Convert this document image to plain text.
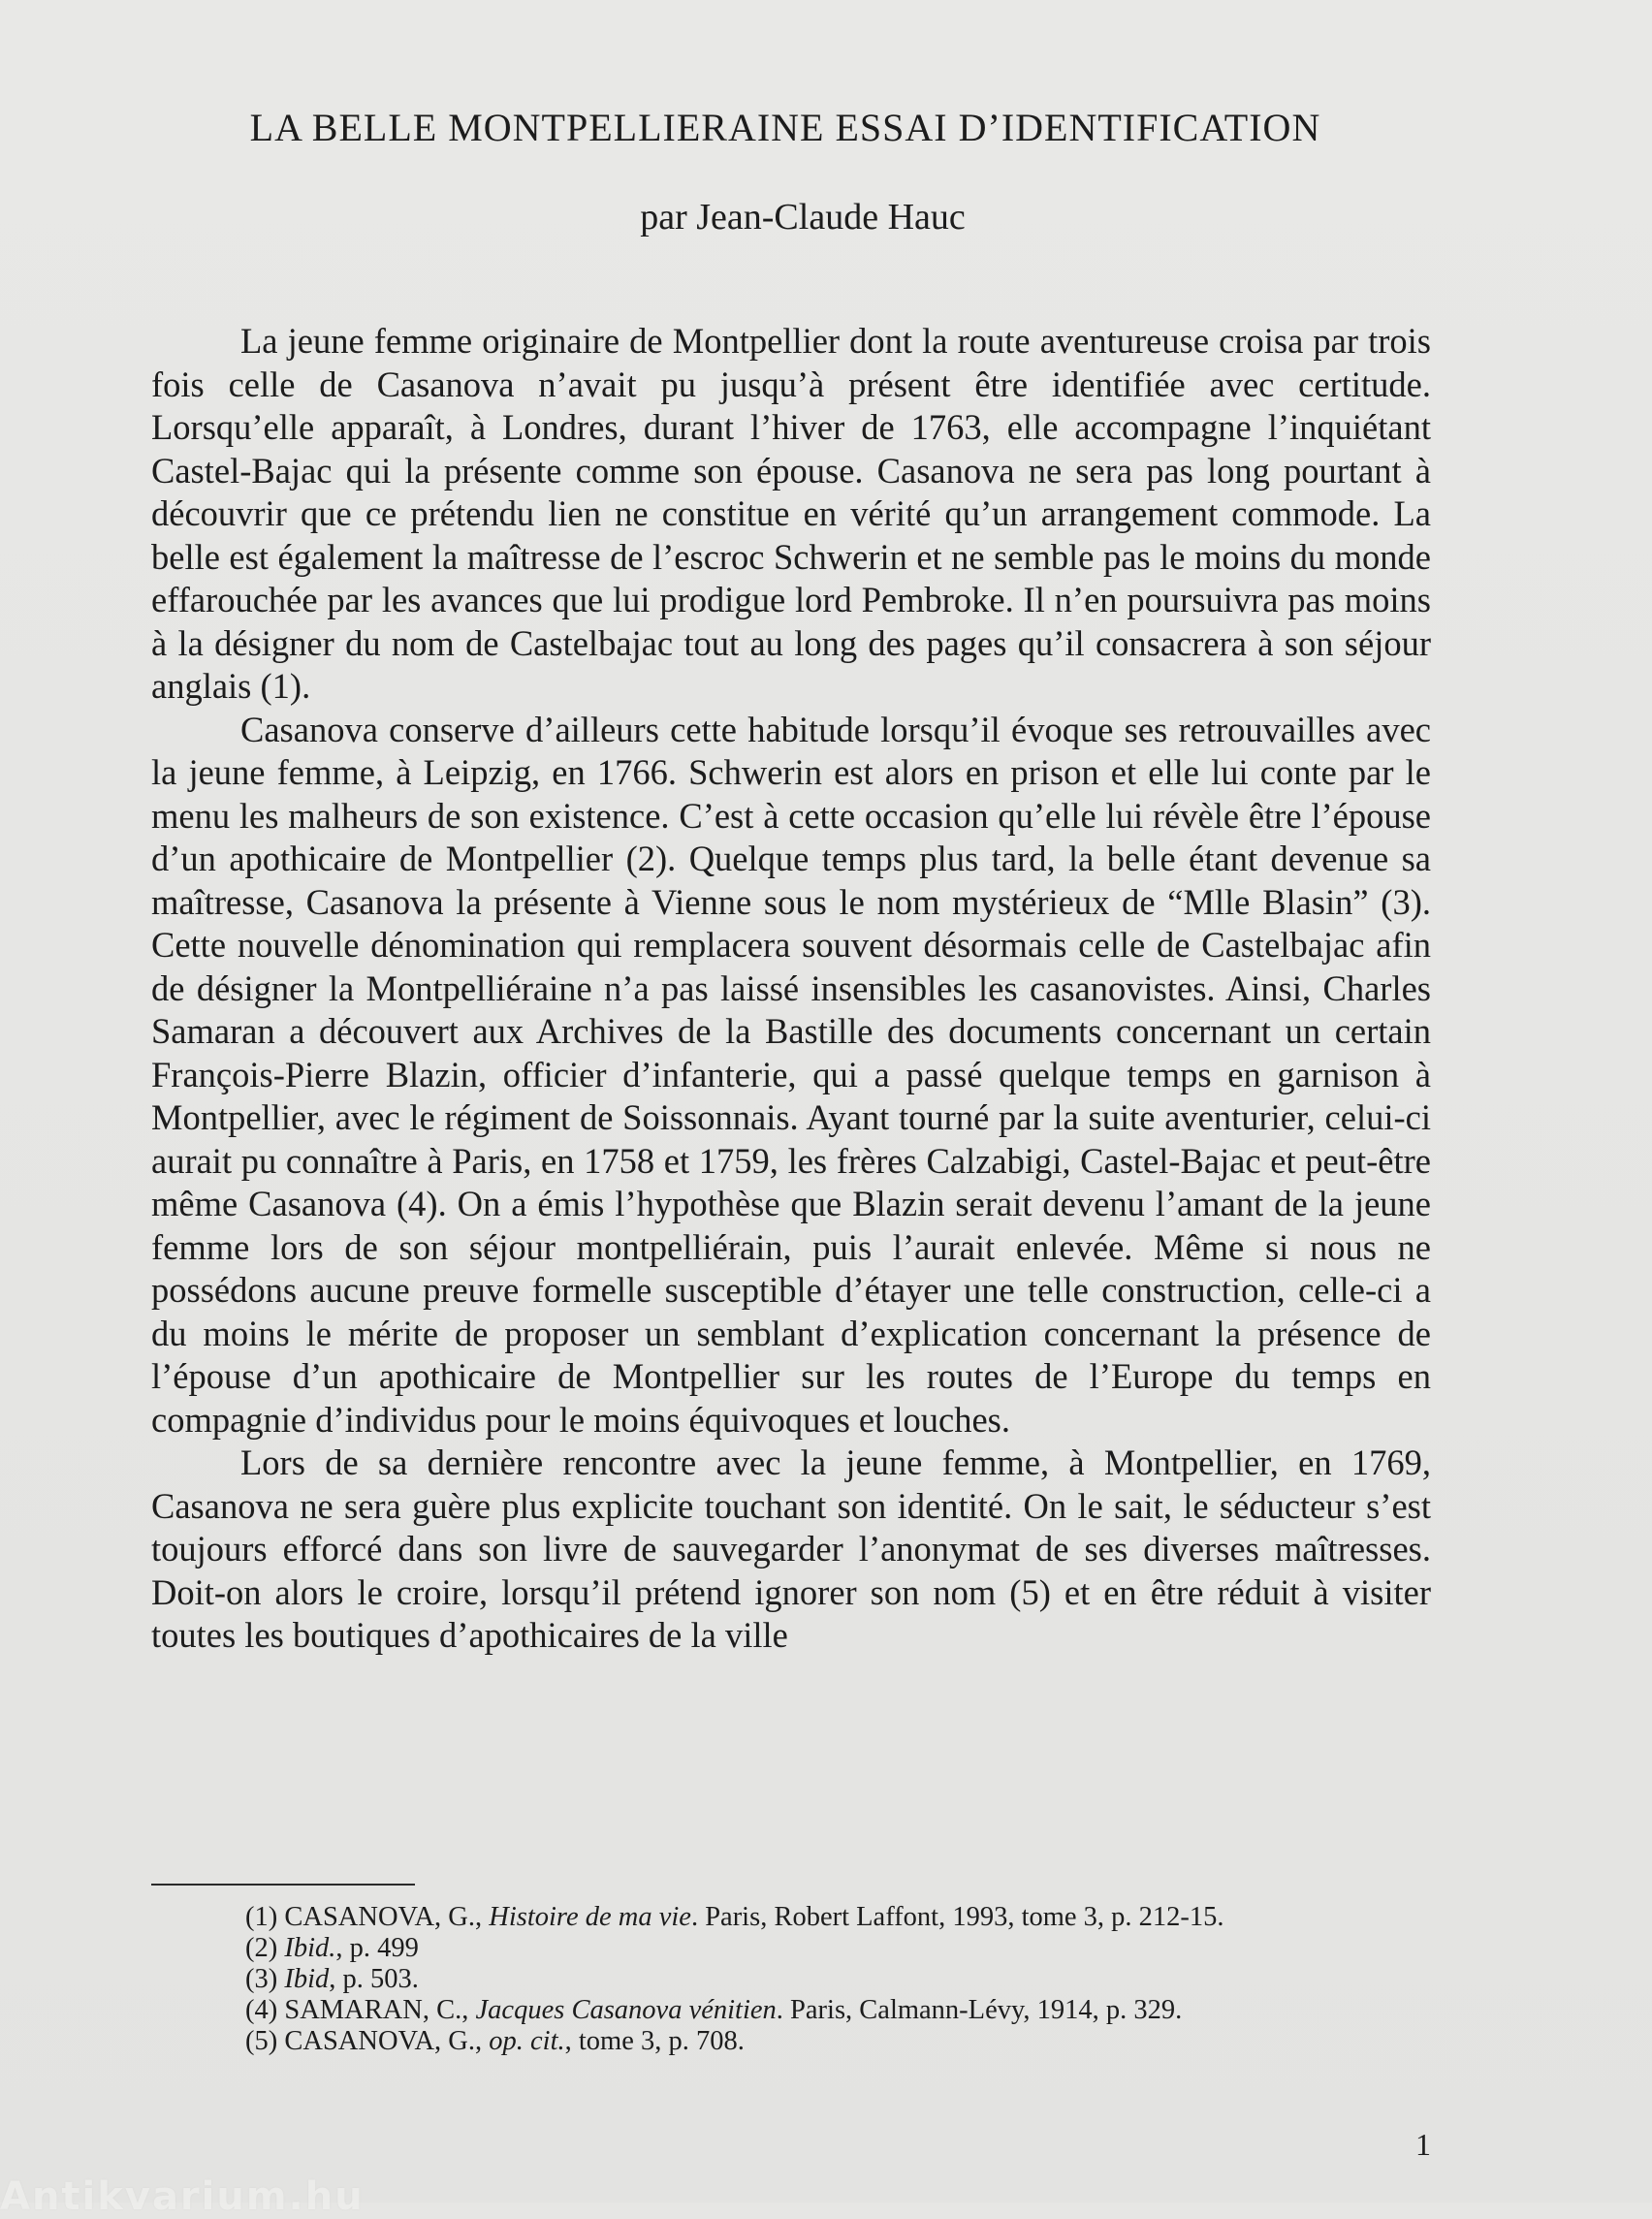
LA BELLE MONTPELLIERAINE ESSAI D’IDENTIFICATION
par Jean-Claude Hauc

La jeune femme originaire de Montpellier dont la route aventureuse croisa par trois fois celle de Casanova n’avait pu jusqu’à présent être identifiée avec certitude. Lorsqu’elle apparaît, à Londres, durant l’hiver de 1763, elle accompagne l’inquiétant Castel-Bajac qui la présente comme son épouse. Casanova ne sera pas long pourtant à découvrir que ce prétendu lien ne constitue en vérité qu’un arrangement commode. La belle est également la maîtresse de l’escroc Schwerin et ne semble pas le moins du monde effarouchée par les avances que lui prodigue lord Pembroke. Il n’en poursuivra pas moins à la désigner du nom de Castelbajac tout au long des pages qu’il consacrera à son séjour anglais (1).

Casanova conserve d’ailleurs cette habitude lorsqu’il évoque ses retrouvailles avec la jeune femme, à Leipzig, en 1766. Schwerin est alors en prison et elle lui conte par le menu les malheurs de son existence. C’est à cette occasion qu’elle lui révèle être l’épouse d’un apothicaire de Montpellier (2). Quelque temps plus tard, la belle étant devenue sa maîtresse, Casanova la présente à Vienne sous le nom mystérieux de “Mlle Blasin” (3). Cette nouvelle dénomination qui remplacera souvent désormais celle de Castelbajac afin de désigner la Montpelliéraine n’a pas laissé insensibles les casanovistes. Ainsi, Charles Samaran a découvert aux Archives de la Bastille des documents concernant un certain François-Pierre Blazin, officier d’infanterie, qui a passé quelque temps en garnison à Montpellier, avec le régiment de Soissonnais. Ayant tourné par la suite aventurier, celui-ci aurait pu connaître à Paris, en 1758 et 1759, les frères Calzabigi, Castel-Bajac et peut-être même Casanova (4). On a émis l’hypothèse que Blazin serait devenu l’amant de la jeune femme lors de son séjour montpelliérain, puis l’aurait enlevée. Même si nous ne possédons aucune preuve formelle susceptible d’étayer une telle construction, celle-ci a du moins le mérite de proposer un semblant d’explication concernant la présence de l’épouse d’un apothicaire de Montpellier sur les routes de l’Europe du temps en compagnie d’individus pour le moins équivoques et louches.

Lors de sa dernière rencontre avec la jeune femme, à Montpellier, en 1769, Casanova ne sera guère plus explicite touchant son identité. On le sait, le séducteur s’est toujours efforcé dans son livre de sauvegarder l’anonymat de ses diverses maîtresses. Doit-on alors le croire, lorsqu’il prétend ignorer son nom (5) et en être réduit à visiter toutes les boutiques d’apothicaires de la ville

(1) CASANOVA, G., Histoire de ma vie. Paris, Robert Laffont, 1993, tome 3, p. 212-15.
(2) Ibid., p. 499
(3) Ibid, p. 503.
(4) SAMARAN, C., Jacques Casanova vénitien. Paris, Calmann-Lévy, 1914, p. 329.
(5) CASANOVA, G., op. cit., tome 3, p. 708.
1
Antikvarium.hu
